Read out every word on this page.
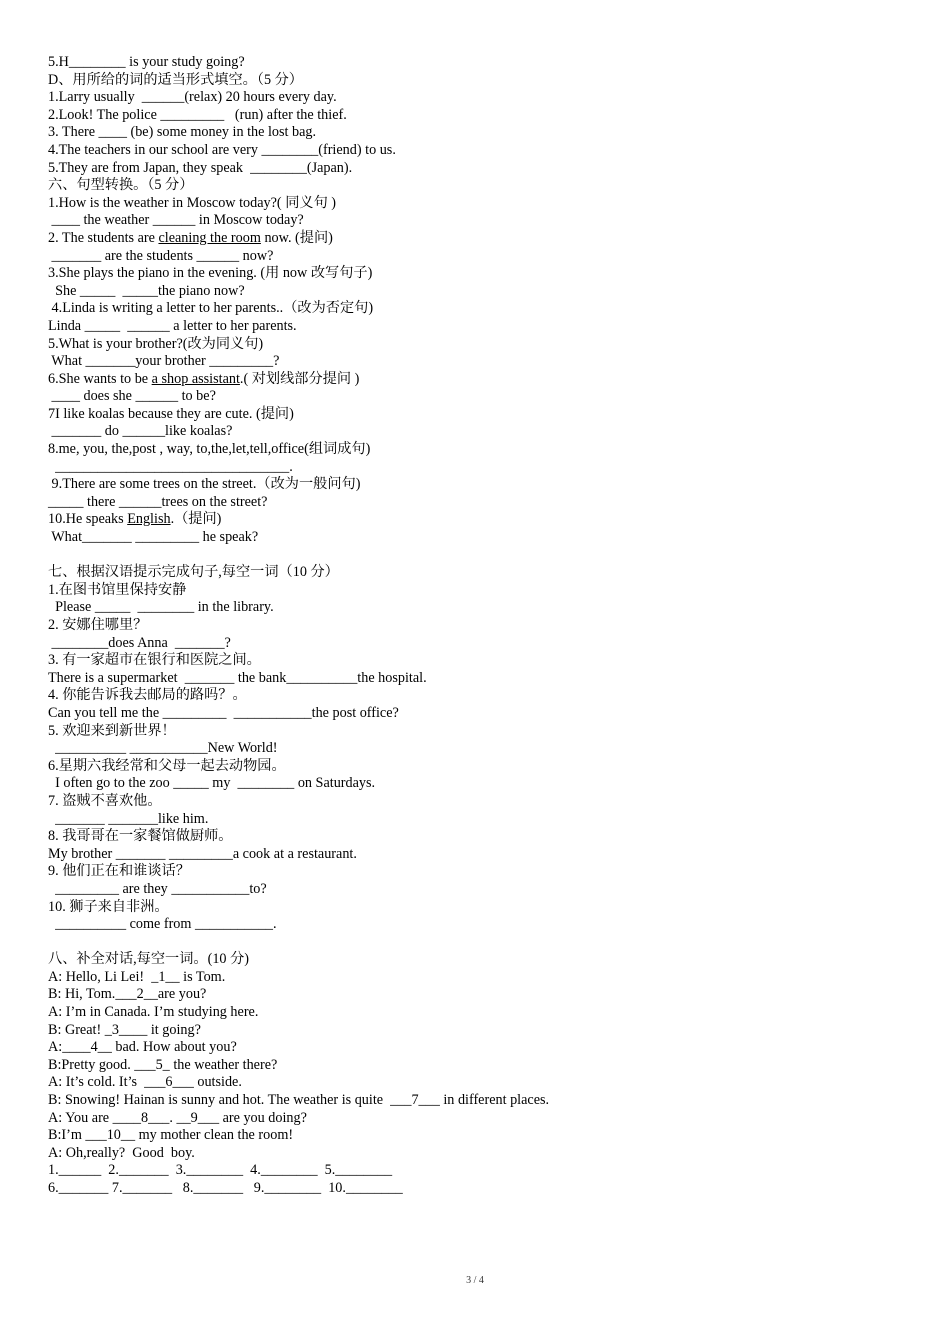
5.H________ is your study going?
D、用所给的词的适当形式填空。（5 分）
1.Larry usually  ______(relax) 20 hours every day.
2.Look! The police _________   (run) after the thief.
3. There ____ (be) some money in the lost bag.
4.The teachers in our school are very ________(friend) to us.
5.They are from Japan, they speak  ________(Japan).
六、句型转换。（5 分）
1.How is the weather in Moscow today?( 同义句 )
____ the weather ______ in Moscow today?
2. The students are cleaning the room now. (提问)
_______ are the students ______ now?
3.She plays the piano in the evening. (用 now 改写句子)
She _____  _____the piano now?
4.Linda is writing a letter to her parents..（改为否定句)
Linda _____  ______ a letter to her parents.
5.What is your brother?(改为同义句)
What _______your brother _________?
6.She wants to be a shop assistant.( 对划线部分提问 )
____ does she ______ to be?
7I like koalas because they are cute. (提问)
_______ do ______like koalas?
8.me, you, the,post , way, to,the,let,tell,office(组词成句)
_________________________________.
9.There are some trees on the street.（改为一般问句)
_____ there ______trees on the street?
10.He speaks English.（提问)
What_______ _________ he speak?
七、根据汉语提示完成句子,每空一词（10 分）
1.在图书馆里保持安静
Please _____  ________ in the library.
2. 安娜住哪里？
________does Anna  _______?
3. 有一家超市在银行和医院之间。
There is a supermarket  _______ the bank__________the hospital.
4. 你能告诉我去邮局的路吗？。
Can you tell me the _________  ___________the post office?
5. 欢迎来到新世界！
__________ ___________New World!
6.星期六我经常和父母一起去动物园。
I often go to the zoo _____ my  ________ on Saturdays.
7. 盗贼不喜欢他。
_______ _______like him.
8. 我哥哥在一家餐馆做厨师。
My brother _______ _________a cook at a restaurant.
9. 他们正在和谁谈话？
_________ are they ___________to?
10. 狮子来自非洲。
__________ come from ___________.
八、补全对话,每空一词。(10 分)
A: Hello, Li Lei!  _1__ is Tom.
B: Hi, Tom.___2__are you?
A: I’m in Canada. I’m studying here.
B: Great! _3____ it going?
A:____4__ bad. How about you?
B:Pretty good. ___5_ the weather there?
A: It’s cold. It’s  ___6___ outside.
B: Snowing! Hainan is sunny and hot. The weather is quite  ___7___ in different places.
A: You are ____8___. __9___ are you doing?
B:I’m ___10__ my mother clean the room!
A: Oh,really?  Good  boy.
1.______  2._______  3.________  4.________  5.________
6._______ 7._______   8._______   9.________  10.________
3 / 4
